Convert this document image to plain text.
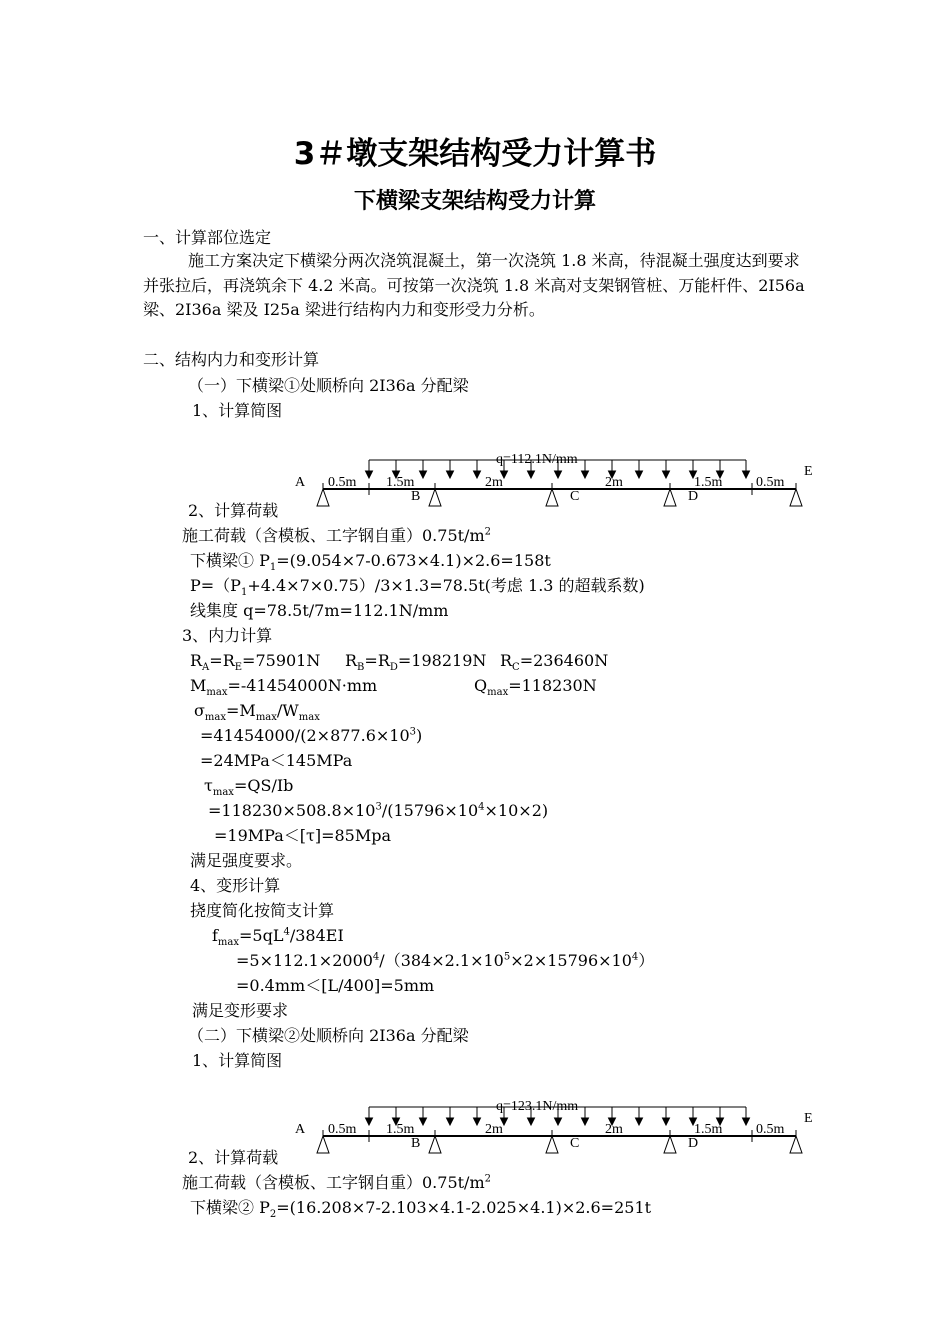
3＃墩支架结构受力计算书
下横梁支架结构受力计算
一、计算部位选定
施工方案决定下横梁分两次浇筑混凝土，第一次浇筑 1.8 米高，待混凝土强度达到要求并张拉后，再浇筑余下 4.2 米高。可按第一次浇筑 1.8 米高对支架钢管桩、万能杆件、2I56a 梁、2I36a 梁及 I25a 梁进行结构内力和变形受力分析。
二、结构内力和变形计算
（一）下横梁①处顺桥向 2I36a 分配梁
1、计算简图
q=112.1N/mm
A
B	C	D
E
0.5m 1.5m	2m	2m	1.5m 0.5m
2、计算荷载
施工荷载（含模板、工字钢自重）$0.75t/m^2$
下横梁① $P_1=(9.054\times 7-0.673\times 4.1)\times 2.6=158t$
$P=(P_1+4.4\times 7\times 0.75)/3\times 1.3=78.5t$(考虑 1.3 的超载系数)
线集度 q=78.5t/7m=112.1N/mm
3、内力计算
$R_A=R_E=75901N$ $R_B=R_D=198219N$ $R_C=236460N$
$M_{max}=-41454000N\cdot mm$	$Q_{max}=118230N$
$\sigma_{max}=M_{max}/W_{max}$
$=41454000/(2\times 877.6\times 10^3)$
=24MPa＜145MPa
$\tau_{max}=QS/Ib$
$=118230\times 508.8\times 10^3/(15796\times 10^4\times 10\times 2)$
=19MPa＜[τ]=85Mpa
满足强度要求。
4、变形计算
挠度简化按简支计算
$f_{max}=5qL^4/384EI$
$=5\times 112.1\times 2000^4/(384\times 2.1\times 10^5\times 2\times 15796\times 10^4)$
=0.4mm＜[L/400]=5mm
满足变形要求
（二）下横梁②处顺桥向 2I36a 分配梁
1、计算简图
q=123.1N/mm
A
B	C	D
E
0.5m 1.5m	2m	2m	1.5m 0.5m
2、计算荷载
施工荷载（含模板、工字钢自重）$0.75t/m^2$
下横梁② $P_2=(16.208\times 7-2.103\times 4.1-2.025\times 4.1)\times 2.6=251t$
